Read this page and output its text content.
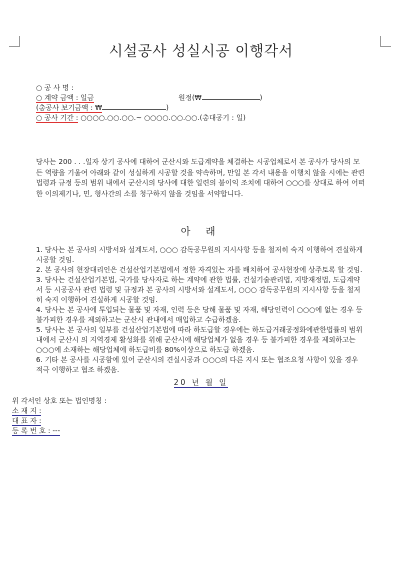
시설공사 성실시공 이행각서
○ 공 사 명 :
○ 계약 금액 : 일금	원정(₩	)
(총공사 보기금액 : ₩	)
○ 공사 기간 : ○○○○.○○.○○.~ ○○○○.○○.○○.(총대공기 : 일)
당사는 200 . . .일자 상기 공사에 대하여 군산시와 도급계약을 체결하는 시공업체로서 본 공사가 당사의 모든 역량을 기울여 아래와 같이 성실하게 시공할 것을 약속하며, 만일 본 각서 내용을 이행치 않을 시에는 관련 법령과 규정 등의 범위 내에서 군산시의 당사에 대한 일련의 불이익 조치에 대하여 ○○○를 상대로 하여 어떠한 이의제기나, 민, 형사간의 소를 청구하지 않을 것임을 서약합니다.
아 래
1. 당사는 본 공사의 시방서와 설계도서, ○○○ 감독공무원의 지시사항 등을 철저히 숙지 이행하여 견실하게 시공할 것임.
2. 본 공사의 현장대리인은 건설산업기본법에서 정한 자격있는 자를 배치하여 공사현장에 상주토록 할 것임.
3. 당사는 건설산업기본법, 국가를 당사자로 하는 계약에 관한 법률, 건설기술관리법, 지방재정법, 도급계약서 등 시공공사 관련 법령 및 규정과 본 공사의 시방서와 설계도서, ○○○ 감독공무원의 지시사항 등을 철저히 숙지 이행하여 견실하게 시공할 것임.
4. 당사는 본 공사에 투입되는 물품 및 자재, 인력 등은 당해 물품 및 자재, 해당인력이 ○○○에 없는 경우 등 불가피한 경우를 제외하고는 군산시 관내에서 매입하고 수급하겠음.
5. 당사는 본 공사의 일부를 건설산업기본법에 따라 하도급할 경우에는 하도급거래공정화에관한법률의 범위내에서 군산시 의 지역경제 활성화를 위해 군산시에 해당업체가 없을 경우 등 불가피한 경우를 제외하고는 ○○○에 소재하는 해당업체에 하도급비를 80%이상으로 하도급 하겠음.
6. 기타 본 공사를 시공함에 있어 군산시의 견실시공과 ○○○의 다른 지시 또는 협조요청 사항이 있을 경우 적극 이행하고 협조 하겠음.
20 년 월 일
위 각서인 상호 또는 법인명칭 :
소 재 지 :
대 표 자 :
등 록 번 호 : ---
